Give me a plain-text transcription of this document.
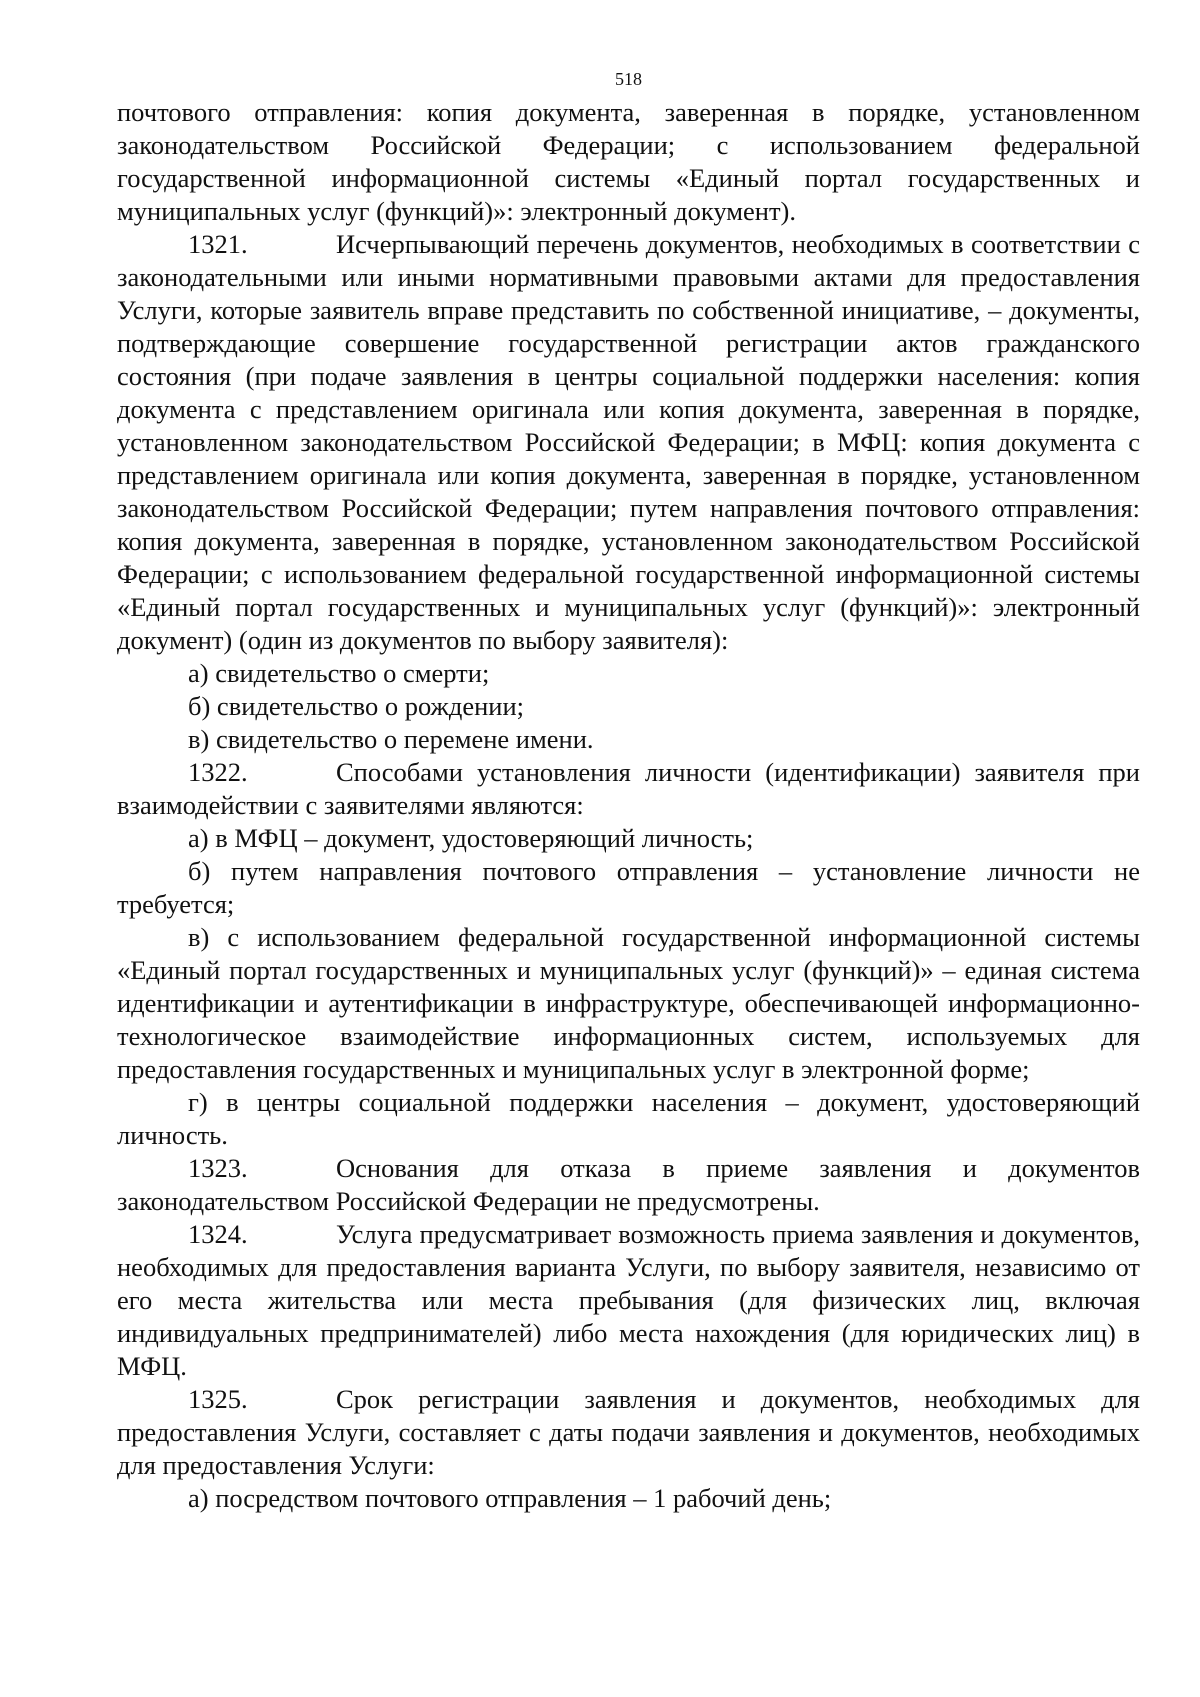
518

почтового отправления: копия документа, заверенная в порядке, установленном законодательством Российской Федерации; с использованием федеральной государственной информационной системы «Единый портал государственных и муниципальных услуг (функций)»: электронный документ).

1321.	Исчерпывающий перечень документов, необходимых в соответствии с законодательными или иными нормативными правовыми актами для предоставления Услуги, которые заявитель вправе представить по собственной инициативе, – документы, подтверждающие совершение государственной регистрации актов гражданского состояния (при подаче заявления в центры социальной поддержки населения: копия документа с представлением оригинала или копия документа, заверенная в порядке, установленном законодательством Российской Федерации; в МФЦ: копия документа с представлением оригинала или копия документа, заверенная в порядке, установленном законодательством Российской Федерации; путем направления почтового отправления: копия документа, заверенная в порядке, установленном законодательством Российской Федерации; с использованием федеральной государственной информационной системы «Единый портал государственных и муниципальных услуг (функций)»: электронный документ) (один из документов по выбору заявителя):

а) свидетельство о смерти;

б) свидетельство о рождении;

в) свидетельство о перемене имени.

1322.	Способами установления личности (идентификации) заявителя при взаимодействии с заявителями являются:

а) в МФЦ – документ, удостоверяющий личность;

б) путем направления почтового отправления – установление личности не требуется;

в) с использованием федеральной государственной информационной системы «Единый портал государственных и муниципальных услуг (функций)» – единая система идентификации и аутентификации в инфраструктуре, обеспечивающей информационно-технологическое взаимодействие информационных систем, используемых для предоставления государственных и муниципальных услуг в электронной форме;

г) в центры социальной поддержки населения – документ, удостоверяющий личность.

1323.	Основания для отказа в приеме заявления и документов законодательством Российской Федерации не предусмотрены.

1324.	Услуга предусматривает возможность приема заявления и документов, необходимых для предоставления варианта Услуги, по выбору заявителя, независимо от его места жительства или места пребывания (для физических лиц, включая индивидуальных предпринимателей) либо места нахождения (для юридических лиц) в МФЦ.

1325.	Срок регистрации заявления и документов, необходимых для предоставления Услуги, составляет с даты подачи заявления и документов, необходимых для предоставления Услуги:

а) посредством почтового отправления – 1 рабочий день;
